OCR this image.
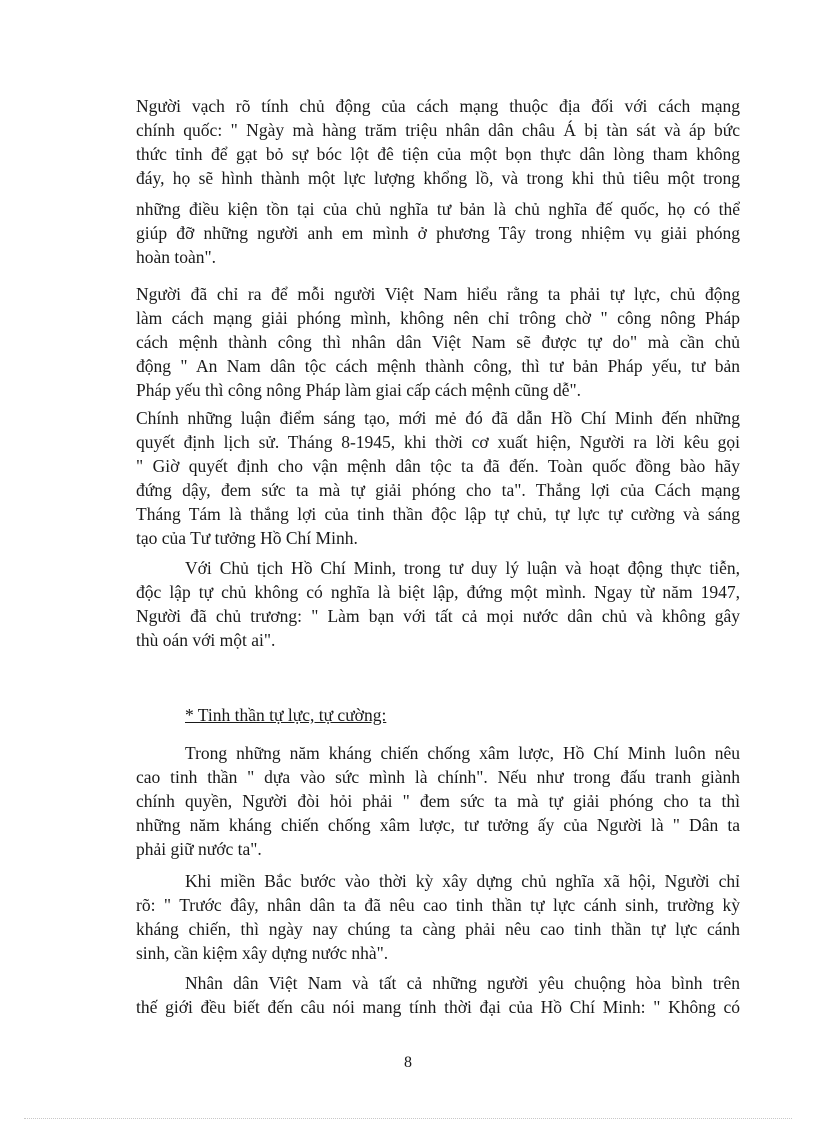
Người vạch rõ tính chủ động của cách mạng thuộc địa đối với cách mạng
chính quốc: " Ngày mà hàng trăm triệu nhân dân châu Á bị tàn sát và áp bức
thức tỉnh để gạt bỏ sự bóc lột đê tiện của một bọn thực dân lòng tham không
đáy, họ sẽ hình thành một lực lượng khổng lồ, và trong khi thủ tiêu một trong
những điều kiện tồn tại của chủ nghĩa tư bản là chủ nghĩa đế quốc, họ có thể
giúp đỡ những người anh em mình ở phương Tây trong nhiệm vụ giải phóng
hoàn toàn".
Người đã chỉ ra để mỗi người Việt Nam hiểu rằng ta phải tự lực, chủ động
làm cách mạng giải phóng mình, không nên chỉ trông chờ " công nông Pháp
cách mệnh thành công thì nhân dân Việt Nam sẽ được tự do" mà cần chủ
động " An Nam dân tộc cách mệnh thành công, thì tư bản Pháp yếu, tư bản
Pháp yếu thì công nông Pháp làm giai cấp cách mệnh cũng dễ".
Chính những luận điểm sáng tạo, mới mẻ đó đã dẫn Hồ Chí Minh đến những
quyết định lịch sử. Tháng 8-1945, khi thời cơ xuất hiện, Người ra lời kêu gọi
" Giờ quyết định cho vận mệnh dân tộc ta đã đến. Toàn quốc đồng bào hãy
đứng dậy, đem sức ta mà tự giải phóng cho ta". Thắng lợi của Cách mạng
Tháng Tám là thắng lợi của tinh thần độc lập tự chủ, tự lực tự cường và sáng
tạo của Tư tưởng Hồ Chí Minh.
Với Chủ tịch Hồ Chí Minh, trong tư duy lý luận và hoạt động thực tiễn,
độc lập tự chủ không có nghĩa là biệt lập, đứng một mình. Ngay từ năm 1947,
Người đã chủ trương: " Làm bạn với tất cả mọi nước dân chủ và không gây
thù oán với một ai".
* Tinh thần tự lực, tự cường:
Trong những năm kháng chiến chống xâm lược, Hồ Chí Minh luôn nêu
cao tinh thần " dựa vào sức mình là chính". Nếu như trong đấu tranh giành
chính quyền, Người đòi hỏi phải " đem sức ta mà tự giải phóng cho ta thì
những năm kháng chiến chống xâm lược, tư tưởng ấy của Người là " Dân ta
phải giữ nước ta".
Khi miền Bắc bước vào thời kỳ xây dựng chủ nghĩa xã hội, Người chỉ
rõ: " Trước đây, nhân dân ta đã nêu cao tinh thần tự lực cánh sinh, trường kỳ
kháng chiến, thì ngày nay chúng ta càng phải nêu cao tinh thần tự lực cánh
sinh, cần kiệm xây dựng nước nhà".
Nhân dân Việt Nam và tất cả những người yêu chuộng hòa bình trên
thế giới đều biết đến câu nói mang tính thời đại của Hồ Chí Minh: " Không có
8
